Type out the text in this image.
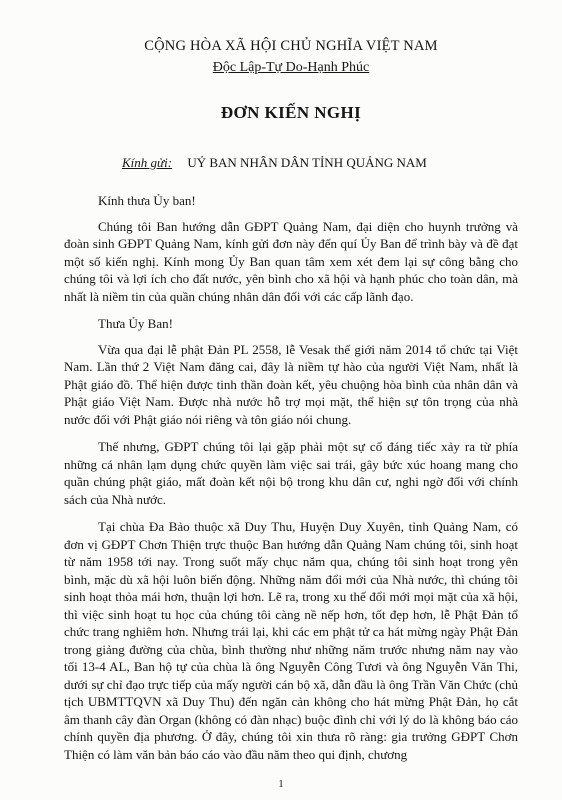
CỘNG HÒA XÃ HỘI CHỦ NGHĨA VIỆT NAM
Độc Lập-Tự Do-Hạnh Phúc
ĐƠN KIẾN NGHỊ
Kính gửi: UỶ BAN NHÂN DÂN TỈNH QUẢNG NAM

Kính thưa Ủy ban!

Chúng tôi Ban hướng dẫn GĐPT Quảng Nam, đại diện cho huynh trưởng và đoàn sinh GĐPT Quảng Nam, kính gửi đơn này đến quí Ủy Ban để trình bày và đề đạt một số kiến nghị. Kính mong Ủy Ban quan tâm xem xét đem lại sự công bằng cho chúng tôi và lợi ích cho đất nước, yên bình cho xã hội và hạnh phúc cho toàn dân, mà nhất là niềm tin của quần chúng nhân dân đối với các cấp lãnh đạo.

Thưa Ủy Ban!

Vừa qua đại lễ phật Đản PL 2558, lễ Vesak thế giới năm 2014 tổ chức tại Việt Nam. Lần thứ 2 Việt Nam đăng cai, đây là niềm tự hào của người Việt Nam, nhất là Phật giáo đồ. Thể hiện được tinh thần đoàn kết, yêu chuộng hòa bình của nhân dân và Phật giáo Việt Nam. Được nhà nước hỗ trợ mọi mặt, thể hiện sự tôn trọng của nhà nước đối với Phật giáo nói riêng và tôn giáo nói chung.

Thế nhưng, GĐPT chúng tôi lại gặp phải một sự cố đáng tiếc xảy ra từ phía những cá nhân lạm dụng chức quyền làm việc sai trái, gây bức xúc hoang mang cho quần chúng phật giáo, mất đoàn kết nội bộ trong khu dân cư, nghi ngờ đối với chính sách của Nhà nước.

Tại chùa Đa Bảo thuộc xã Duy Thu, Huyện Duy Xuyên, tỉnh Quảng Nam, có đơn vị GĐPT Chơn Thiện trực thuộc Ban hướng dẫn Quảng Nam chúng tôi, sinh hoạt từ năm 1958 tới nay. Trong suốt mấy chục năm qua, chúng tôi sinh hoạt trong yên bình, mặc dù xã hội luôn biến động. Những năm đổi mới của Nhà nước, thì chúng tôi sinh hoạt thỏa mái hơn, thuận lợi hơn. Lẽ ra, trong xu thế đổi mới mọi mặt của xã hội, thì việc sinh hoạt tu học của chúng tôi càng nề nếp hơn, tốt đẹp hơn, lễ Phật Đản tổ chức trang nghiêm hơn. Nhưng trái lại, khi các em phật tử ca hát mừng ngày Phật Đản trong giảng đường của chùa, bình thường như những năm trước nhưng năm nay vào tối 13-4 AL, Ban hộ tự của chùa là ông Nguyễn Công Tươi và ông Nguyễn Văn Thi, dưới sự chỉ đạo trực tiếp của mấy người cán bộ xã, dẫn đầu là ông Trần Văn Chức (chủ tịch UBMTTQVN xã Duy Thu) đến ngăn cản không cho hát mừng Phật Đản, họ cắt âm thanh cây đàn Organ (không có đàn nhạc) buộc đình chỉ với lý do là không báo cáo chính quyền địa phương. Ở đây, chúng tôi xin thưa rõ ràng: gia trưởng GĐPT Chơn Thiện có làm văn bản báo cáo vào đầu năm theo qui định, chương

1
